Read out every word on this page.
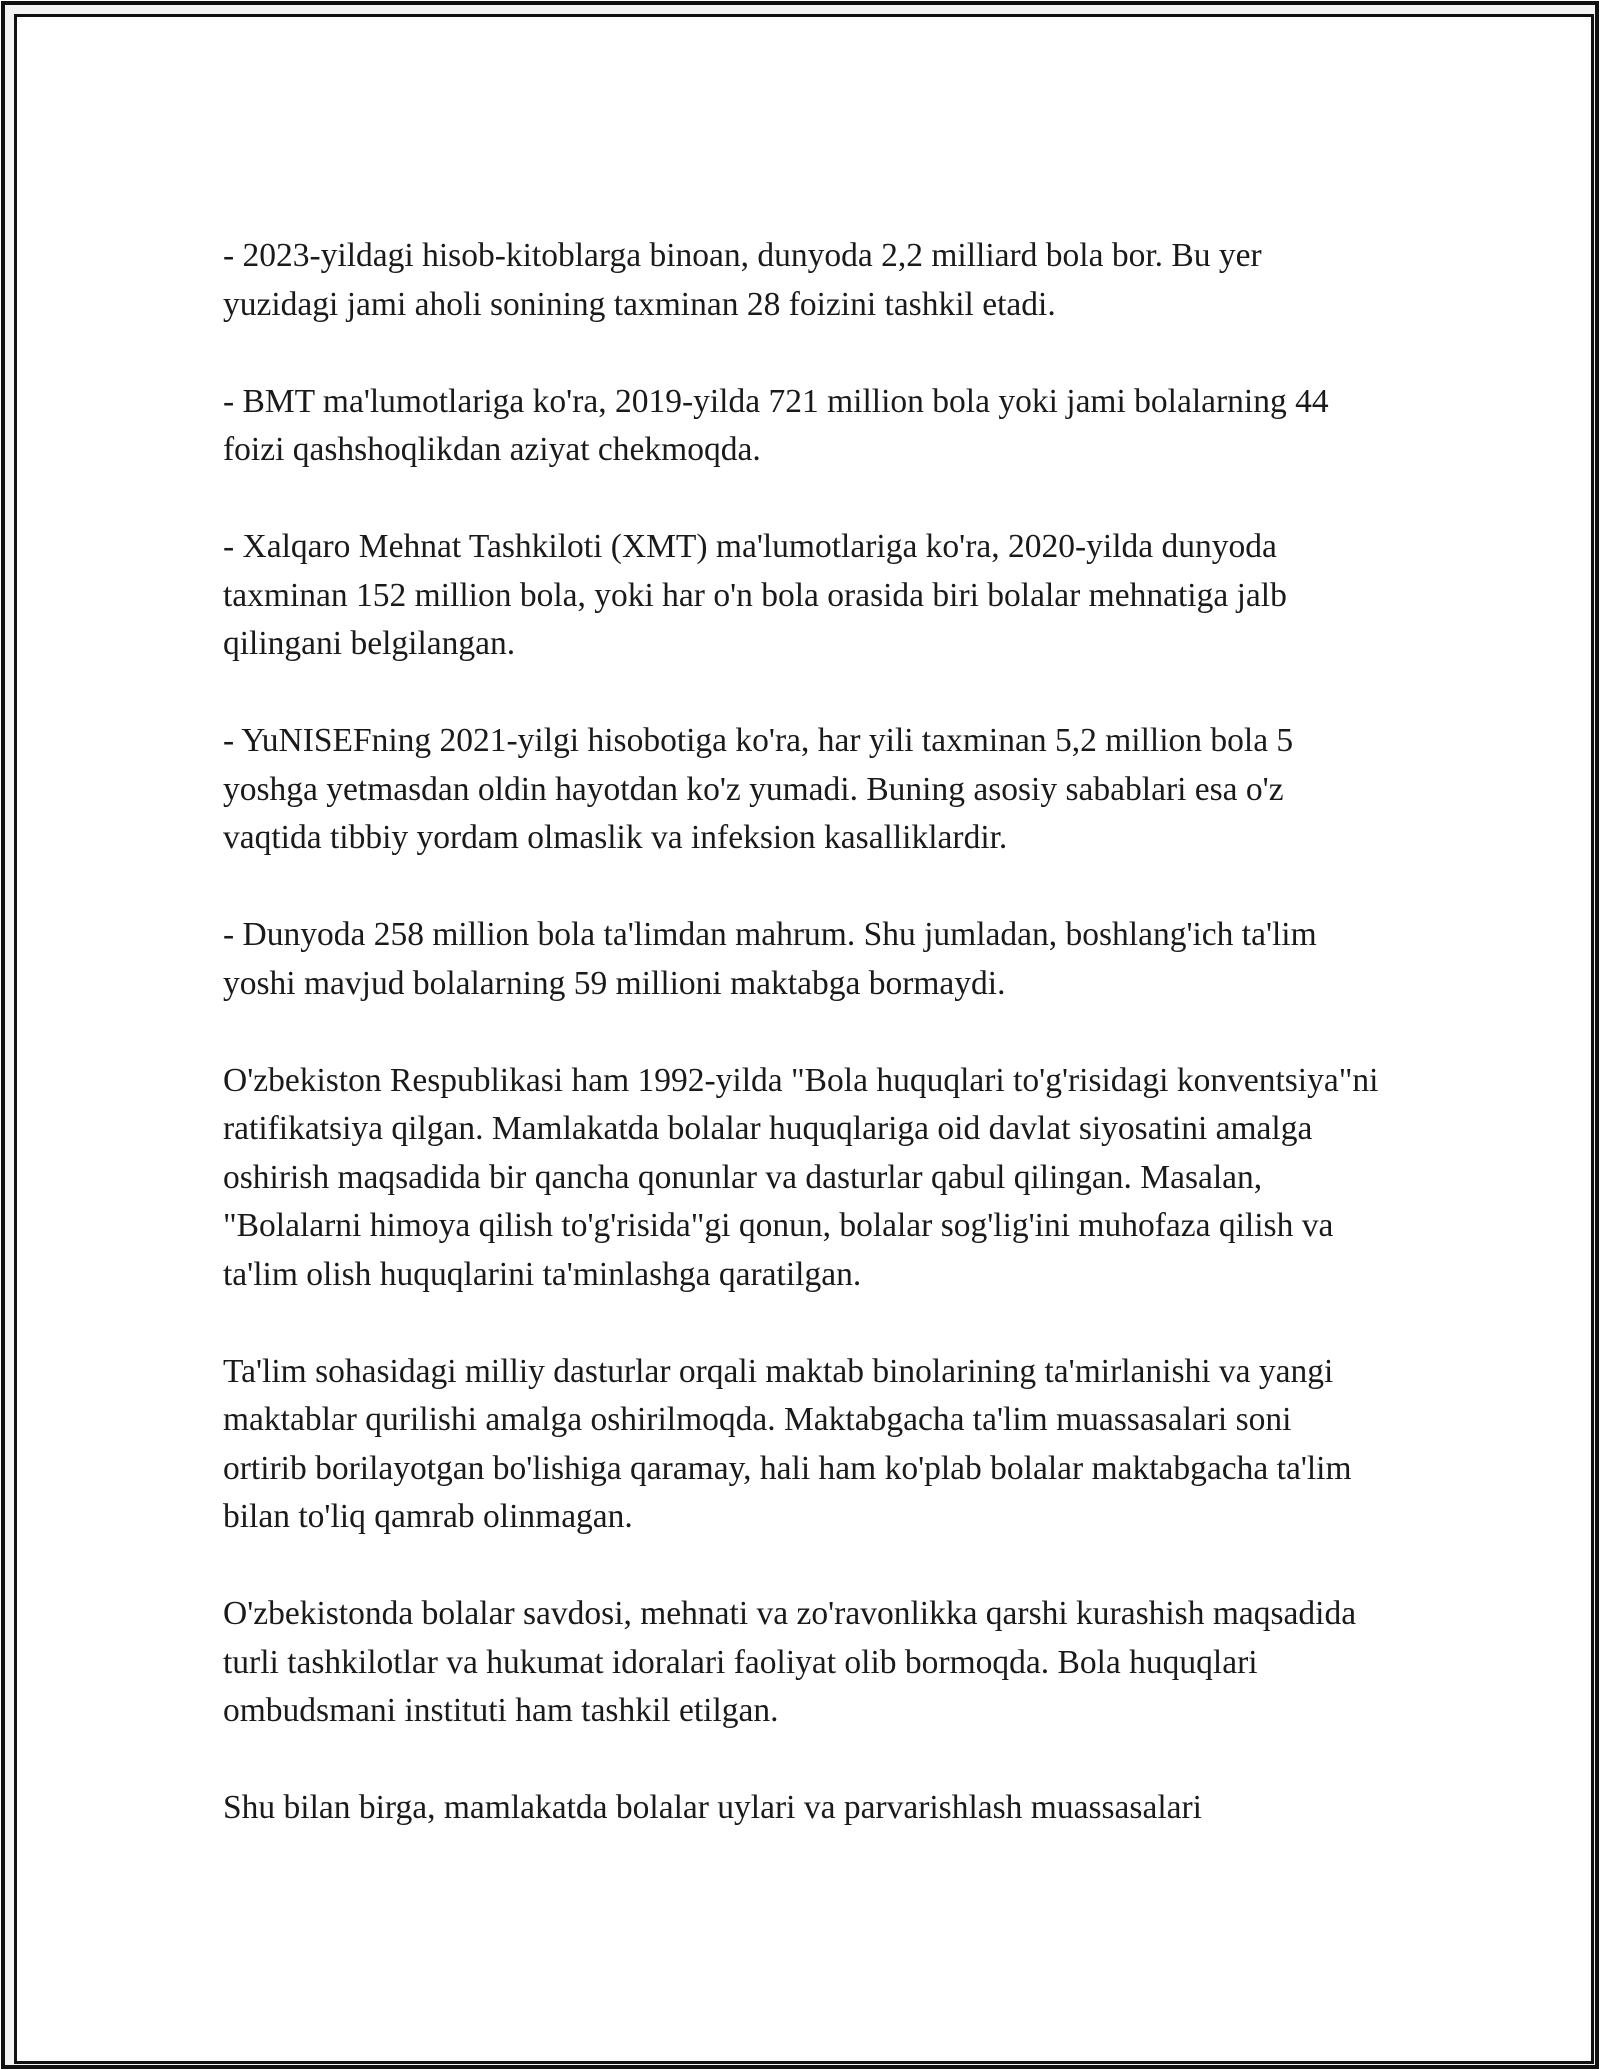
- 2023-yildagi hisob-kitoblarga binoan, dunyoda 2,2 milliard bola bor. Bu yer yuzidagi jami aholi sonining taxminan 28 foizini tashkil etadi.

- BMT ma'lumotlariga ko'ra, 2019-yilda 721 million bola yoki jami bolalarning 44 foizi qashshoqlikdan aziyat chekmoqda.

- Xalqaro Mehnat Tashkiloti (XMT) ma'lumotlariga ko'ra, 2020-yilda dunyoda taxminan 152 million bola, yoki har o'n bola orasida biri bolalar mehnatiga jalb qilingani belgilangan.

- YuNISEFning 2021-yilgi hisobotiga ko'ra, har yili taxminan 5,2 million bola 5 yoshga yetmasdan oldin hayotdan ko'z yumadi. Buning asosiy sabablari esa o'z vaqtida tibbiy yordam olmaslik va infeksion kasalliklardir.

- Dunyoda 258 million bola ta'limdan mahrum. Shu jumladan, boshlang'ich ta'lim yoshi mavjud bolalarning 59 millioni maktabga bormaydi.

O'zbekiston Respublikasi ham 1992-yilda "Bola huquqlari to'g'risidagi konventsiya"ni ratifikatsiya qilgan. Mamlakatda bolalar huquqlariga oid davlat siyosatini amalga oshirish maqsadida bir qancha qonunlar va dasturlar qabul qilingan. Masalan, "Bolalarni himoya qilish to'g'risida"gi qonun, bolalar sog'lig'ini muhofaza qilish va ta'lim olish huquqlarini ta'minlashga qaratilgan.

Ta'lim sohasidagi milliy dasturlar orqali maktab binolarining ta'mirlanishi va yangi maktablar qurilishi amalga oshirilmoqda. Maktabgacha ta'lim muassasalari soni ortirib borilayotgan bo'lishiga qaramay, hali ham ko'plab bolalar maktabgacha ta'lim bilan to'liq qamrab olinmagan.

O'zbekistonda bolalar savdosi, mehnati va zo'ravonlikka qarshi kurashish maqsadida turli tashkilotlar va hukumat idoralari faoliyat olib bormoqda. Bola huquqlari ombudsmani instituti ham tashkil etilgan.

Shu bilan birga, mamlakatda bolalar uylari va parvarishlash muassasalari
